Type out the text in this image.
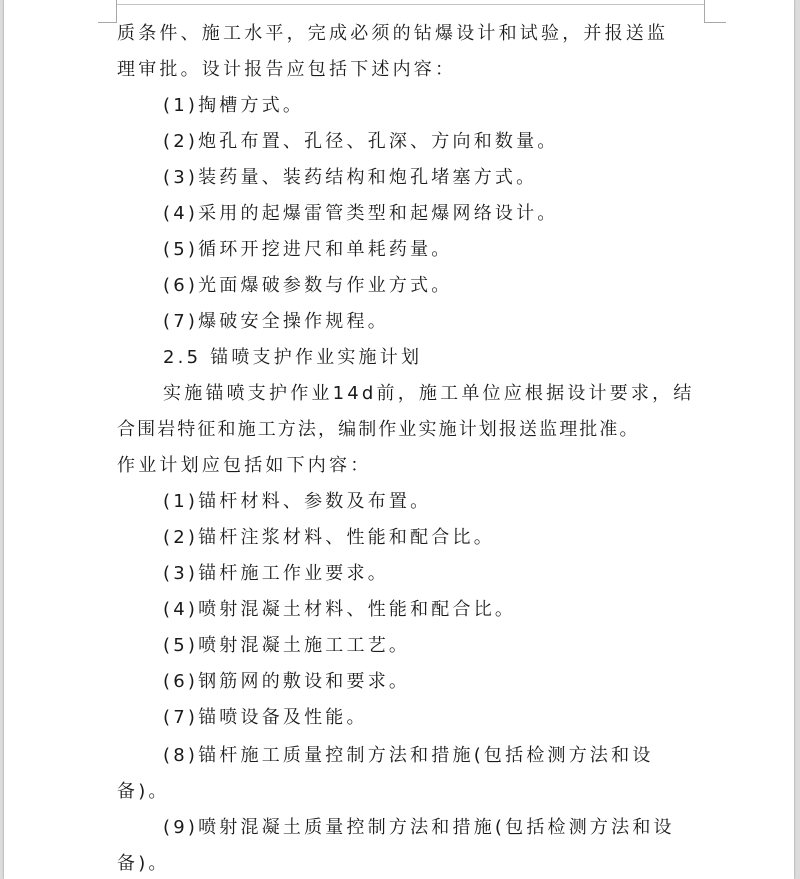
质条件、施工水平，完成必须的钻爆设计和试验，并报送监
理审批。设计报告应包括下述内容：
(1)掏槽方式。
(2)炮孔布置、孔径、孔深、方向和数量。
(3)装药量、装药结构和炮孔堵塞方式。
(4)采用的起爆雷管类型和起爆网络设计。
(5)循环开挖进尺和单耗药量。
(6)光面爆破参数与作业方式。
(7)爆破安全操作规程。
2.5 锚喷支护作业实施计划
实施锚喷支护作业14d前，施工单位应根据设计要求，结
合围岩特征和施工方法，编制作业实施计划报送监理批准。
作业计划应包括如下内容：
(1)锚杆材料、参数及布置。
(2)锚杆注浆材料、性能和配合比。
(3)锚杆施工作业要求。
(4)喷射混凝土材料、性能和配合比。
(5)喷射混凝土施工工艺。
(6)钢筋网的敷设和要求。
(7)锚喷设备及性能。
(8)锚杆施工质量控制方法和措施(包括检测方法和设
备)。
(9)喷射混凝土质量控制方法和措施(包括检测方法和设
备)。
